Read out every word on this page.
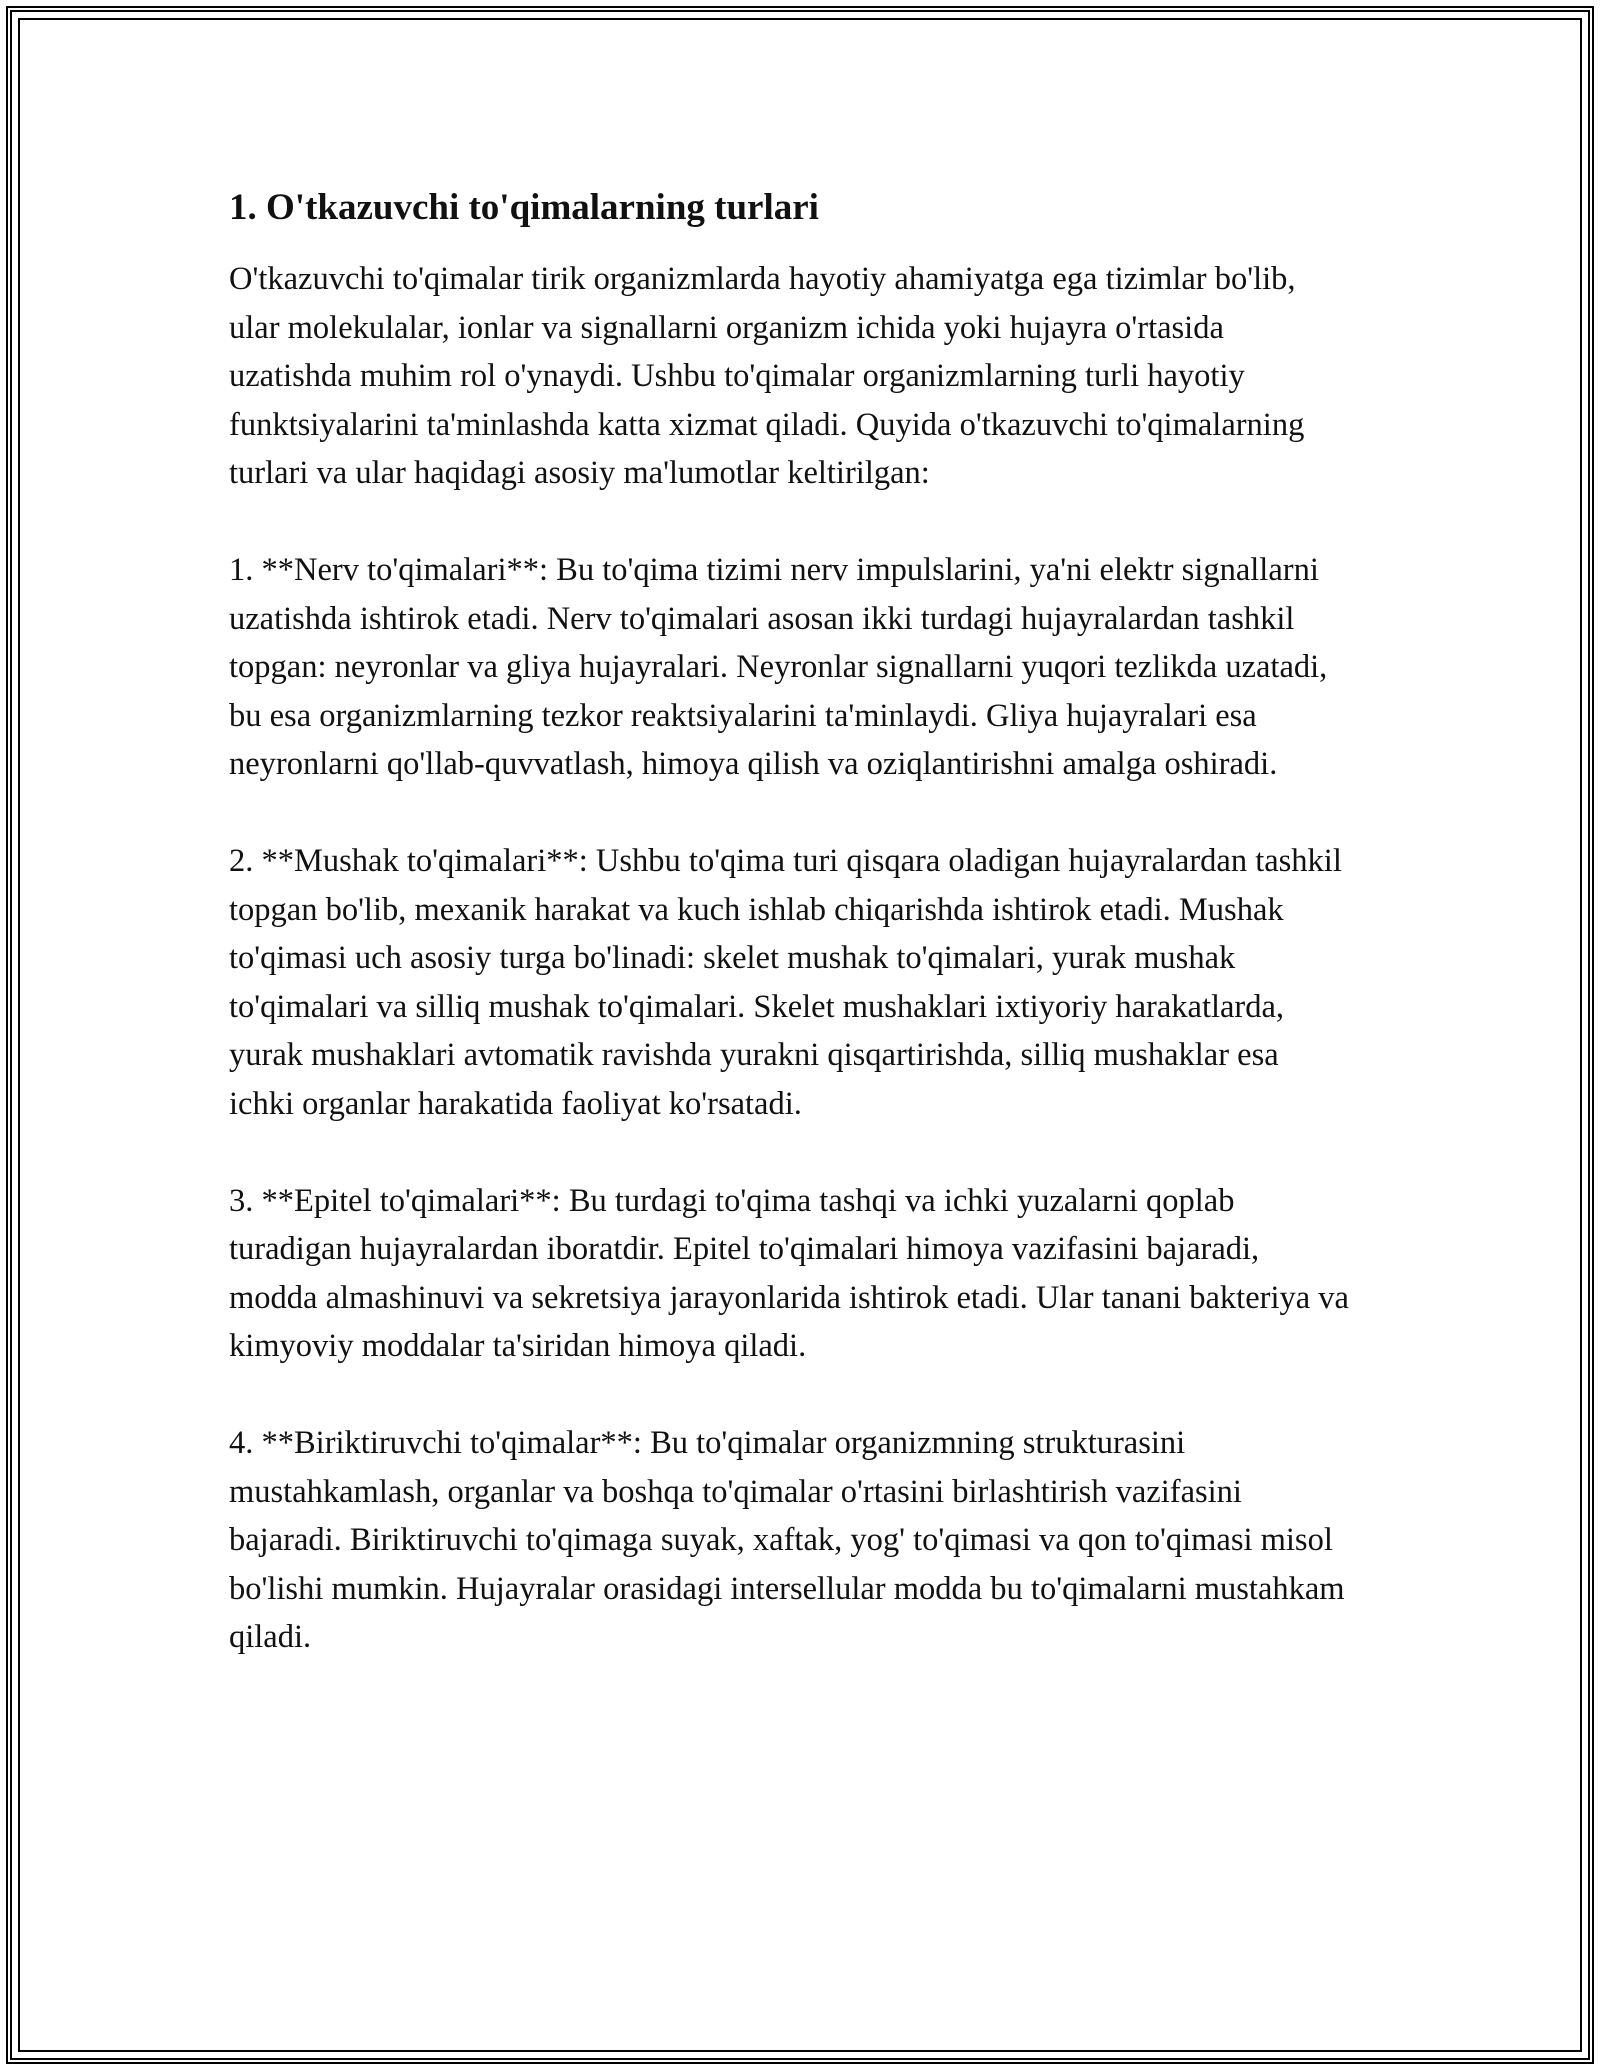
1. O'tkazuvchi to'qimalarning turlari

O'tkazuvchi to'qimalar tirik organizmlarda hayotiy ahamiyatga ega tizimlar bo'lib, ular molekulalar, ionlar va signallarni organizm ichida yoki hujayra o'rtasida uzatishda muhim rol o'ynaydi. Ushbu to'qimalar organizmlarning turli hayotiy funktsiyalarini ta'minlashda katta xizmat qiladi. Quyida o'tkazuvchi to'qimalarning turlari va ular haqidagi asosiy ma'lumotlar keltirilgan:

1. **Nerv to'qimalari**: Bu to'qima tizimi nerv impulslarini, ya'ni elektr signallarni uzatishda ishtirok etadi. Nerv to'qimalari asosan ikki turdagi hujayralardan tashkil topgan: neyronlar va gliya hujayralari. Neyronlar signallarni yuqori tezlikda uzatadi, bu esa organizmlarning tezkor reaktsiyalarini ta'minlaydi. Gliya hujayralari esa neyronlarni qo'llab-quvvatlash, himoya qilish va oziqlantirishni amalga oshiradi.

2. **Mushak to'qimalari**: Ushbu to'qima turi qisqara oladigan hujayralardan tashkil topgan bo'lib, mexanik harakat va kuch ishlab chiqarishda ishtirok etadi. Mushak to'qimasi uch asosiy turga bo'linadi: skelet mushak to'qimalari, yurak mushak to'qimalari va silliq mushak to'qimalari. Skelet mushaklari ixtiyoriy harakatlarda, yurak mushaklari avtomatik ravishda yurakni qisqartirishda, silliq mushaklar esa ichki organlar harakatida faoliyat ko'rsatadi.

3. **Epitel to'qimalari**: Bu turdagi to'qima tashqi va ichki yuzalarni qoplab turadigan hujayralardan iboratdir. Epitel to'qimalari himoya vazifasini bajaradi, modda almashinuvi va sekretsiya jarayonlarida ishtirok etadi. Ular tanani bakteriya va kimyoviy moddalar ta'siridan himoya qiladi.

4. **Biriktiruvchi to'qimalar**: Bu to'qimalar organizmning strukturasini mustahkamlash, organlar va boshqa to'qimalar o'rtasini birlashtirish vazifasini bajaradi. Biriktiruvchi to'qimaga suyak, xaftak, yog' to'qimasi va qon to'qimasi misol bo'lishi mumkin. Hujayralar orasidagi intersellular modda bu to'qimalarni mustahkam qiladi.
